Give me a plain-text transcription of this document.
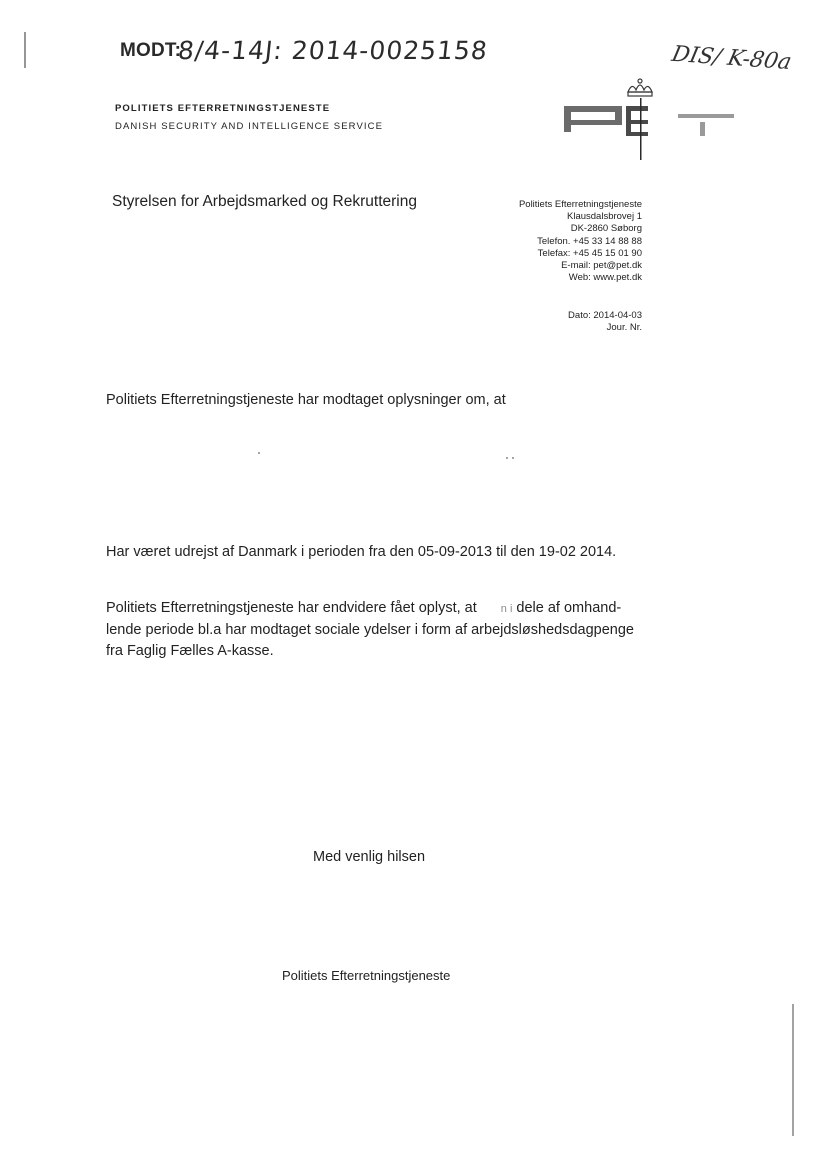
MODT:
8/4-14J: 2014-0025158	DIS/ K-80a
POLITIETS EFTERRETNINGSTJENESTE
DANISH SECURITY AND INTELLIGENCE SERVICE
Styrelsen for Arbejdsmarked og Rekruttering	Politiets Efterretningstjeneste
Klausdalsbrovej 1
DK-2860 Søborg
Telefon. +45 33 14 88 88
Telefax: +45 45 15 01 90
E-mail: pet@pet.dk
Web: www.pet.dk
Dato: 2014-04-03
Jour. Nr.
Politiets Efterretningstjeneste har modtaget oplysninger om, at
Har været udrejst af Danmark i perioden fra den 05-09-2013 til den 19-02 2014.
Politiets Efterretningstjeneste har endvidere fået oplyst, at n i dele af omhand-
lende periode bl.a har modtaget sociale ydelser i form af arbejdsløshedsdagpenge
fra Faglig Fælles A-kasse.
Med venlig hilsen
Politiets Efterretningstjeneste
